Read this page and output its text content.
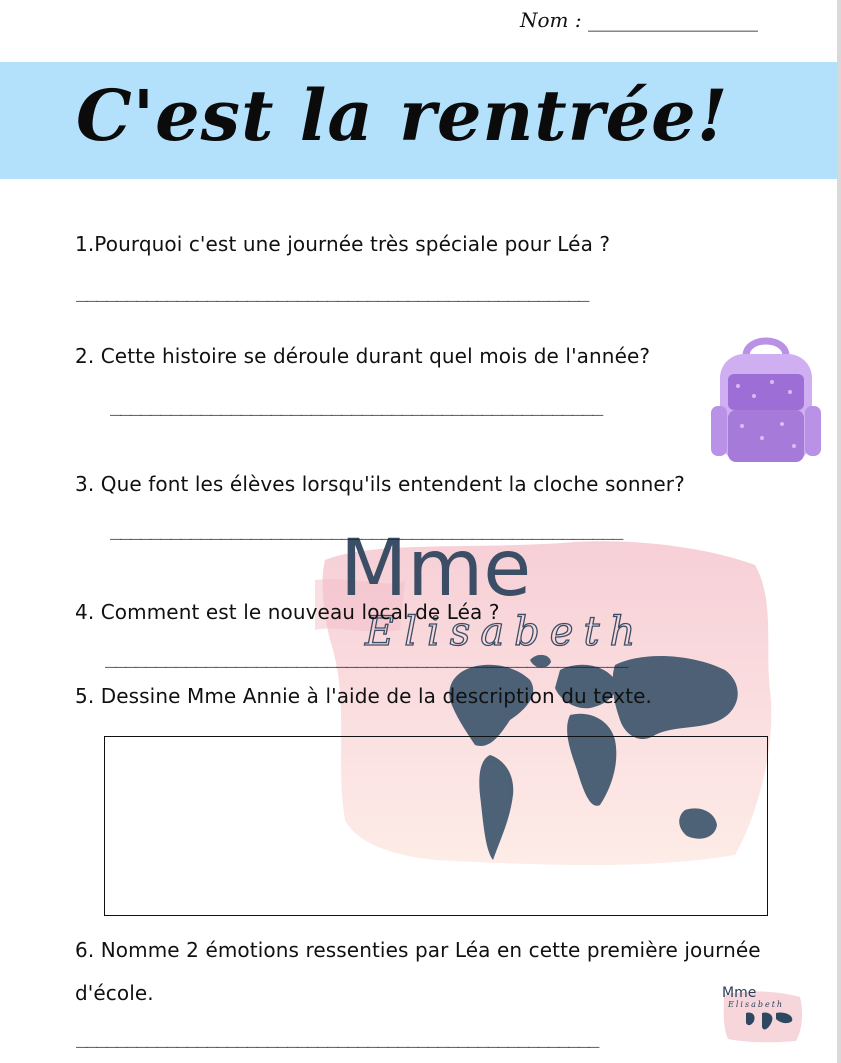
Nom : _________________
C'est la rentrée!
Mme
Elisabeth
1.Pourquoi c'est une journée très spéciale pour Léa ?
___________________________________________________
2. Cette histoire se déroule durant quel mois de l'année?
_________________________________________________
3. Que font les élèves lorsqu'ils entendent la cloche sonner?
___________________________________________________
4. Comment est le nouveau local de Léa ?
____________________________________________________
5. Dessine Mme Annie à l'aide de la description du texte.
6. Nomme 2 émotions ressenties par Léa en cette première journée
d'école.
____________________________________________________
Mme
Elisabeth
